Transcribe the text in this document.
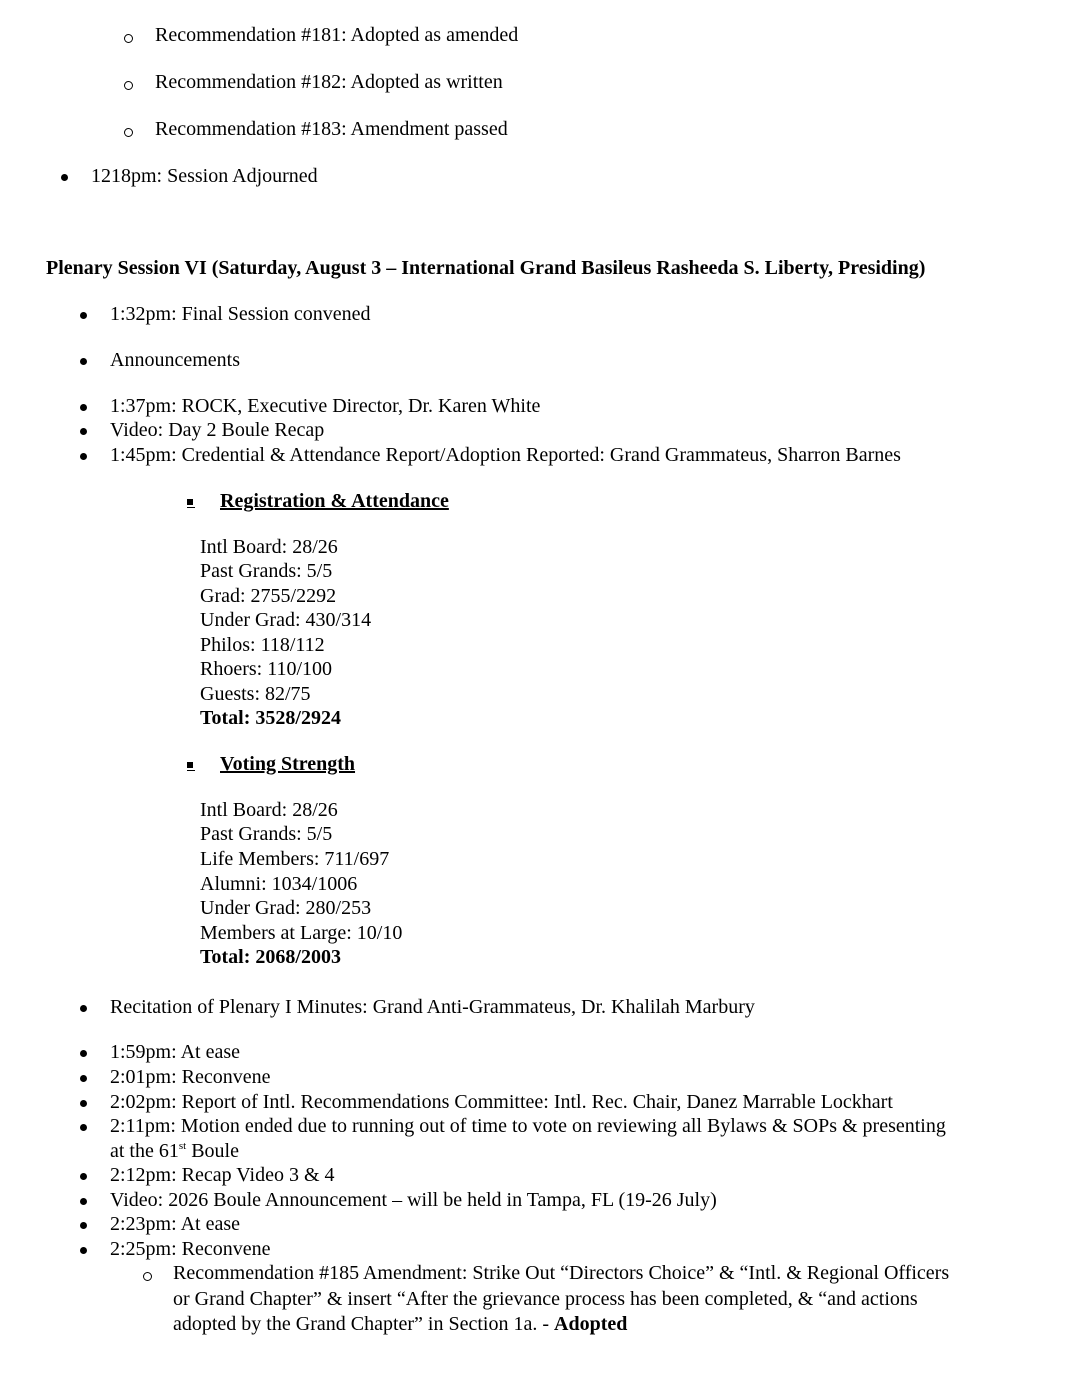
Recommendation #181: Adopted as amended
Recommendation #182: Adopted as written
Recommendation #183: Amendment passed
1218pm: Session Adjourned
Plenary Session VI (Saturday, August 3 – International Grand Basileus Rasheeda S. Liberty, Presiding)
1:32pm: Final Session convened
Announcements
1:37pm: ROCK, Executive Director, Dr. Karen White
Video: Day 2 Boule Recap
1:45pm: Credential & Attendance Report/Adoption Reported: Grand Grammateus, Sharron Barnes
Registration & Attendance
Intl Board: 28/26
Past Grands: 5/5
Grad: 2755/2292
Under Grad: 430/314
Philos: 118/112
Rhoers: 110/100
Guests: 82/75
Total: 3528/2924
Voting Strength
Intl Board: 28/26
Past Grands: 5/5
Life Members: 711/697
Alumni: 1034/1006
Under Grad: 280/253
Members at Large: 10/10
Total: 2068/2003
Recitation of Plenary I Minutes: Grand Anti-Grammateus, Dr. Khalilah Marbury
1:59pm: At ease
2:01pm: Reconvene
2:02pm: Report of Intl. Recommendations Committee: Intl. Rec. Chair, Danez Marrable Lockhart
2:11pm: Motion ended due to running out of time to vote on reviewing all Bylaws & SOPs & presenting
at the 61st Boule
2:12pm: Recap Video 3 & 4
Video: 2026 Boule Announcement – will be held in Tampa, FL (19-26 July)
2:23pm: At ease
2:25pm: Reconvene
Recommendation #185 Amendment: Strike Out “Directors Choice” & “Intl. & Regional Officers
or Grand Chapter” & insert “After the grievance process has been completed, & “and actions
adopted by the Grand Chapter” in Section 1a. - Adopted
